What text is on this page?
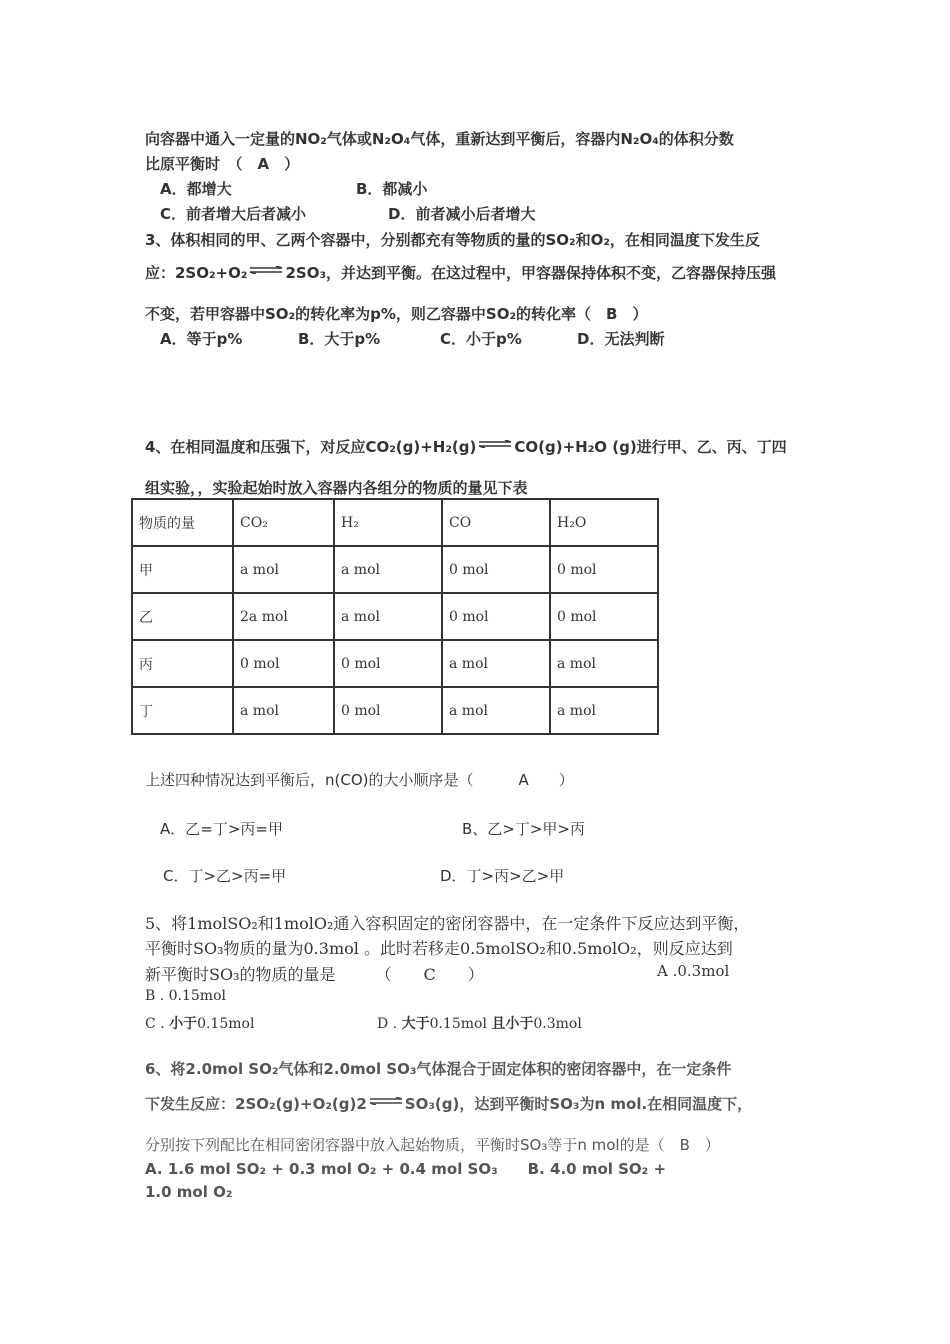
向容器中通入一定量的NO₂气体或N₂O₄气体，重新达到平衡后，容器内N₂O₄的体积分数
比原平衡时　（　A　）
A．都增大	B．都减小
C．前者增大后者减小	D．前者减小后者增大
3、体积相同的甲、乙两个容器中，分别都充有等物质的量的SO₂和O₂，在相同温度下发生反
应：2SO₂+O₂ ⇌ 2SO₃，并达到平衡。在这过程中，甲容器保持体积不变，乙容器保持压强
不变，若甲容器中SO₂的转化率为p%，则乙容器中SO₂的转化率（　B　）
A．等于p%	B．大于p%	C．小于p%	D．无法判断
4、在相同温度和压强下，对反应CO₂(g)+H₂(g) ⇌ CO(g)+H₂O (g)进行甲、乙、丙、丁四
组实验，，实验起始时放入容器内各组分的物质的量见下表
物质的量	CO₂	H₂	CO	H₂O
甲	a mol	a mol	0 mol	0 mol
乙	2a mol	a mol	0 mol	0 mol
丙	0 mol	0 mol	a mol	a mol
丁	a mol	0 mol	a mol	a mol
上述四种情况达到平衡后，n(CO)的大小顺序是（　　　A　　）
A．乙=丁>丙=甲	B、乙>丁>甲>丙
C．丁>乙>丙=甲	D．丁>丙>乙>甲
5、将1molSO₂和1molO₂通入容积固定的密闭容器中，在一定条件下反应达到平衡，
平衡时SO₃物质的量为0.3mol 。此时若移走0.5molSO₂和0.5molO₂，则反应达到
新平衡时SO₃的物质的量是　　　（　　C　　）	A .0.3mol
B . 0.15mol
C . 小于0.15mol	D . 大于0.15mol 且小于0.3mol
6、将2.0mol SO₂气体和2.0mol SO₃气体混合于固定体积的密闭容器中，在一定条件
下发生反应：2SO₂(g)+O₂(g)2 ⇌ SO₃(g)，达到平衡时SO₃为n mol.在相同温度下，
分别按下列配比在相同密闭容器中放入起始物质，平衡时SO₃等于n mol的是（　B　）
A. 1.6 mol SO₂ + 0.3 mol O₂ + 0.4 mol SO₃　　B. 4.0 mol SO₂ +
1.0 mol O₂
